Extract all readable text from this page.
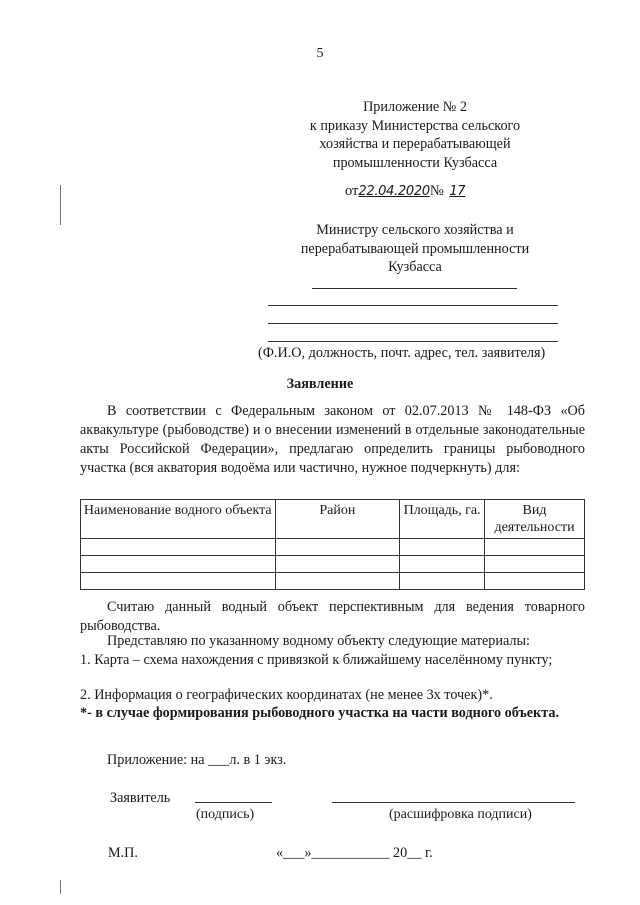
5
Приложение № 2
к приказу Министерства сельского
хозяйства и перерабатывающей
промышленности Кузбасса
от22.04.2020№ 17
Министру сельского хозяйства и
перерабатывающей промышленности
Кузбасса
(Ф.И.О, должность, почт. адрес, тел. заявителя)
Заявление
В соответствии с Федеральным законом от 02.07.2013 № 148-ФЗ «Об аквакультуре (рыбоводстве) и о внесении изменений в отдельные законодательные акты Российской Федерации», предлагаю определить границы рыбоводного участка (вся акватория водоёма или частично, нужное подчеркнуть) для:
Наименование водного объекта	Район	Площадь, га.	Вид деятельности

Считаю данный водный объект перспективным для ведения товарного рыбоводства.
Представляю по указанному водному объекту следующие материалы:
1. Карта – схема нахождения с привязкой к ближайшему населённому пункту;
2. Информация о географических координатах (не менее 3х точек)*.
*- в случае формирования рыбоводного участка на части водного объекта.
Приложение: на ___л. в 1 экз.
Заявитель
(подпись)	(расшифровка подписи)
М.П.	«___»___________ 20__ г.
